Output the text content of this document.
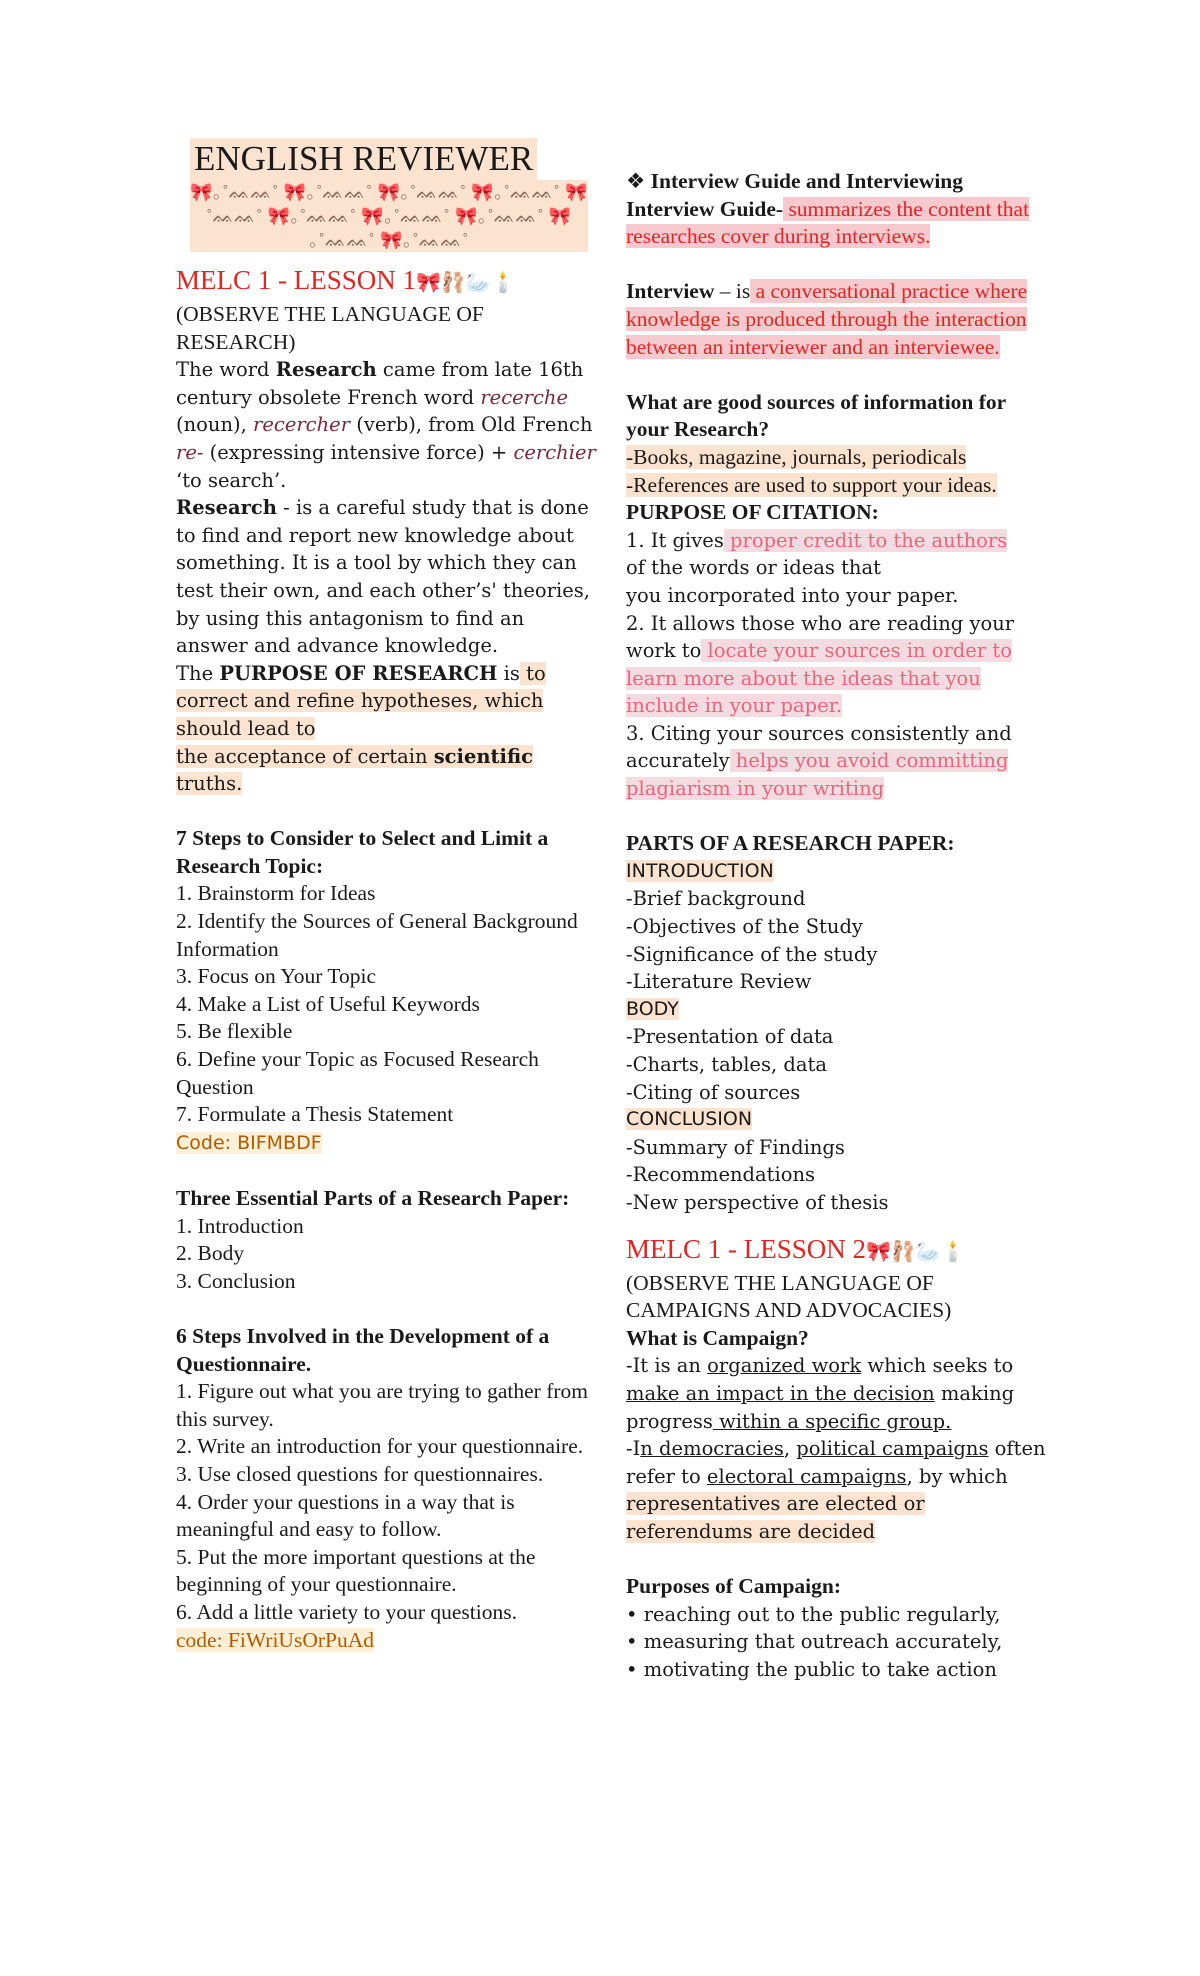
ENGLISH REVIEWER
🎀｡˚ᨐᨐ˚ 🎀｡˚ᨐᨐ˚ 🎀｡˚ᨐᨐ˚ 🎀｡˚ᨐᨐ˚ 🎀
˚ᨐᨐ˚ 🎀｡˚ᨐᨐ˚ 🎀｡˚ᨐᨐ˚ 🎀｡˚ᨐᨐ˚ 🎀
｡˚ᨐᨐ˚ 🎀｡˚ᨐᨐ˚
MELC 1 - LESSON 1🎀🩰🦢🕯️

(OBSERVE THE LANGUAGE OF RESEARCH)

The word Research came from late 16th century obsolete French word recerche (noun), recercher (verb), from Old French re- (expressing intensive force) + cerchier ‘to search’.

Research - is a careful study that is done to find and report new knowledge about
something. It is a tool by which they can test their own, and each other’s' theories,
by using this antagonism to find an answer and advance knowledge.

The PURPOSE OF RESEARCH is to correct and refine hypotheses, which should lead to
the acceptance of certain scientific
truths.

7 Steps to Consider to Select and Limit a Research Topic:

1. Brainstorm for Ideas

2. Identify the Sources of General Background Information

3. Focus on Your Topic

4. Make a List of Useful Keywords

5. Be flexible

6. Define your Topic as Focused Research Question

7. Formulate a Thesis Statement

Code: BIFMBDF

Three Essential Parts of a Research Paper:

1. Introduction

2. Body

3. Conclusion

6 Steps Involved in the Development of a Questionnaire.

1. Figure out what you are trying to gather from this survey.

2. Write an introduction for your questionnaire.

3. Use closed questions for questionnaires.

4. Order your questions in a way that is meaningful and easy to follow.

5. Put the more important questions at the beginning of your questionnaire.

6. Add a little variety to your questions.

code: FiWriUsOrPuAd

❖ Interview Guide and Interviewing

Interview Guide- summarizes the content that researches cover during interviews.

Interview – is a conversational practice where knowledge is produced through the interaction between an interviewer and an interviewee.

What are good sources of information for your Research?

-Books, magazine, journals, periodicals

-References are used to support your ideas.

PURPOSE OF CITATION:

1. It gives proper credit to the authors
of the words or ideas that
you incorporated into your paper.

2. It allows those who are reading your work to locate your sources in order to learn more about the ideas that you include in your paper.

3. Citing your sources consistently and accurately helps you avoid committing plagiarism in your writing

PARTS OF A RESEARCH PAPER:

INTRODUCTION

-Brief background

-Objectives of the Study

-Significance of the study

-Literature Review

BODY

-Presentation of data

-Charts, tables, data

-Citing of sources

CONCLUSION

-Summary of Findings

-Recommendations

-New perspective of thesis

MELC 1 - LESSON 2🎀🩰🦢🕯️

(OBSERVE THE LANGUAGE OF CAMPAIGNS AND ADVOCACIES)

What is Campaign?

-It is an organized work which seeks to make an impact in the decision making progress within a specific group.

-In democracies, political campaigns often refer to electoral campaigns, by which representatives are elected or referendums are decided

Purposes of Campaign:

• reaching out to the public regularly,

• measuring that outreach accurately,

• motivating the public to take action
